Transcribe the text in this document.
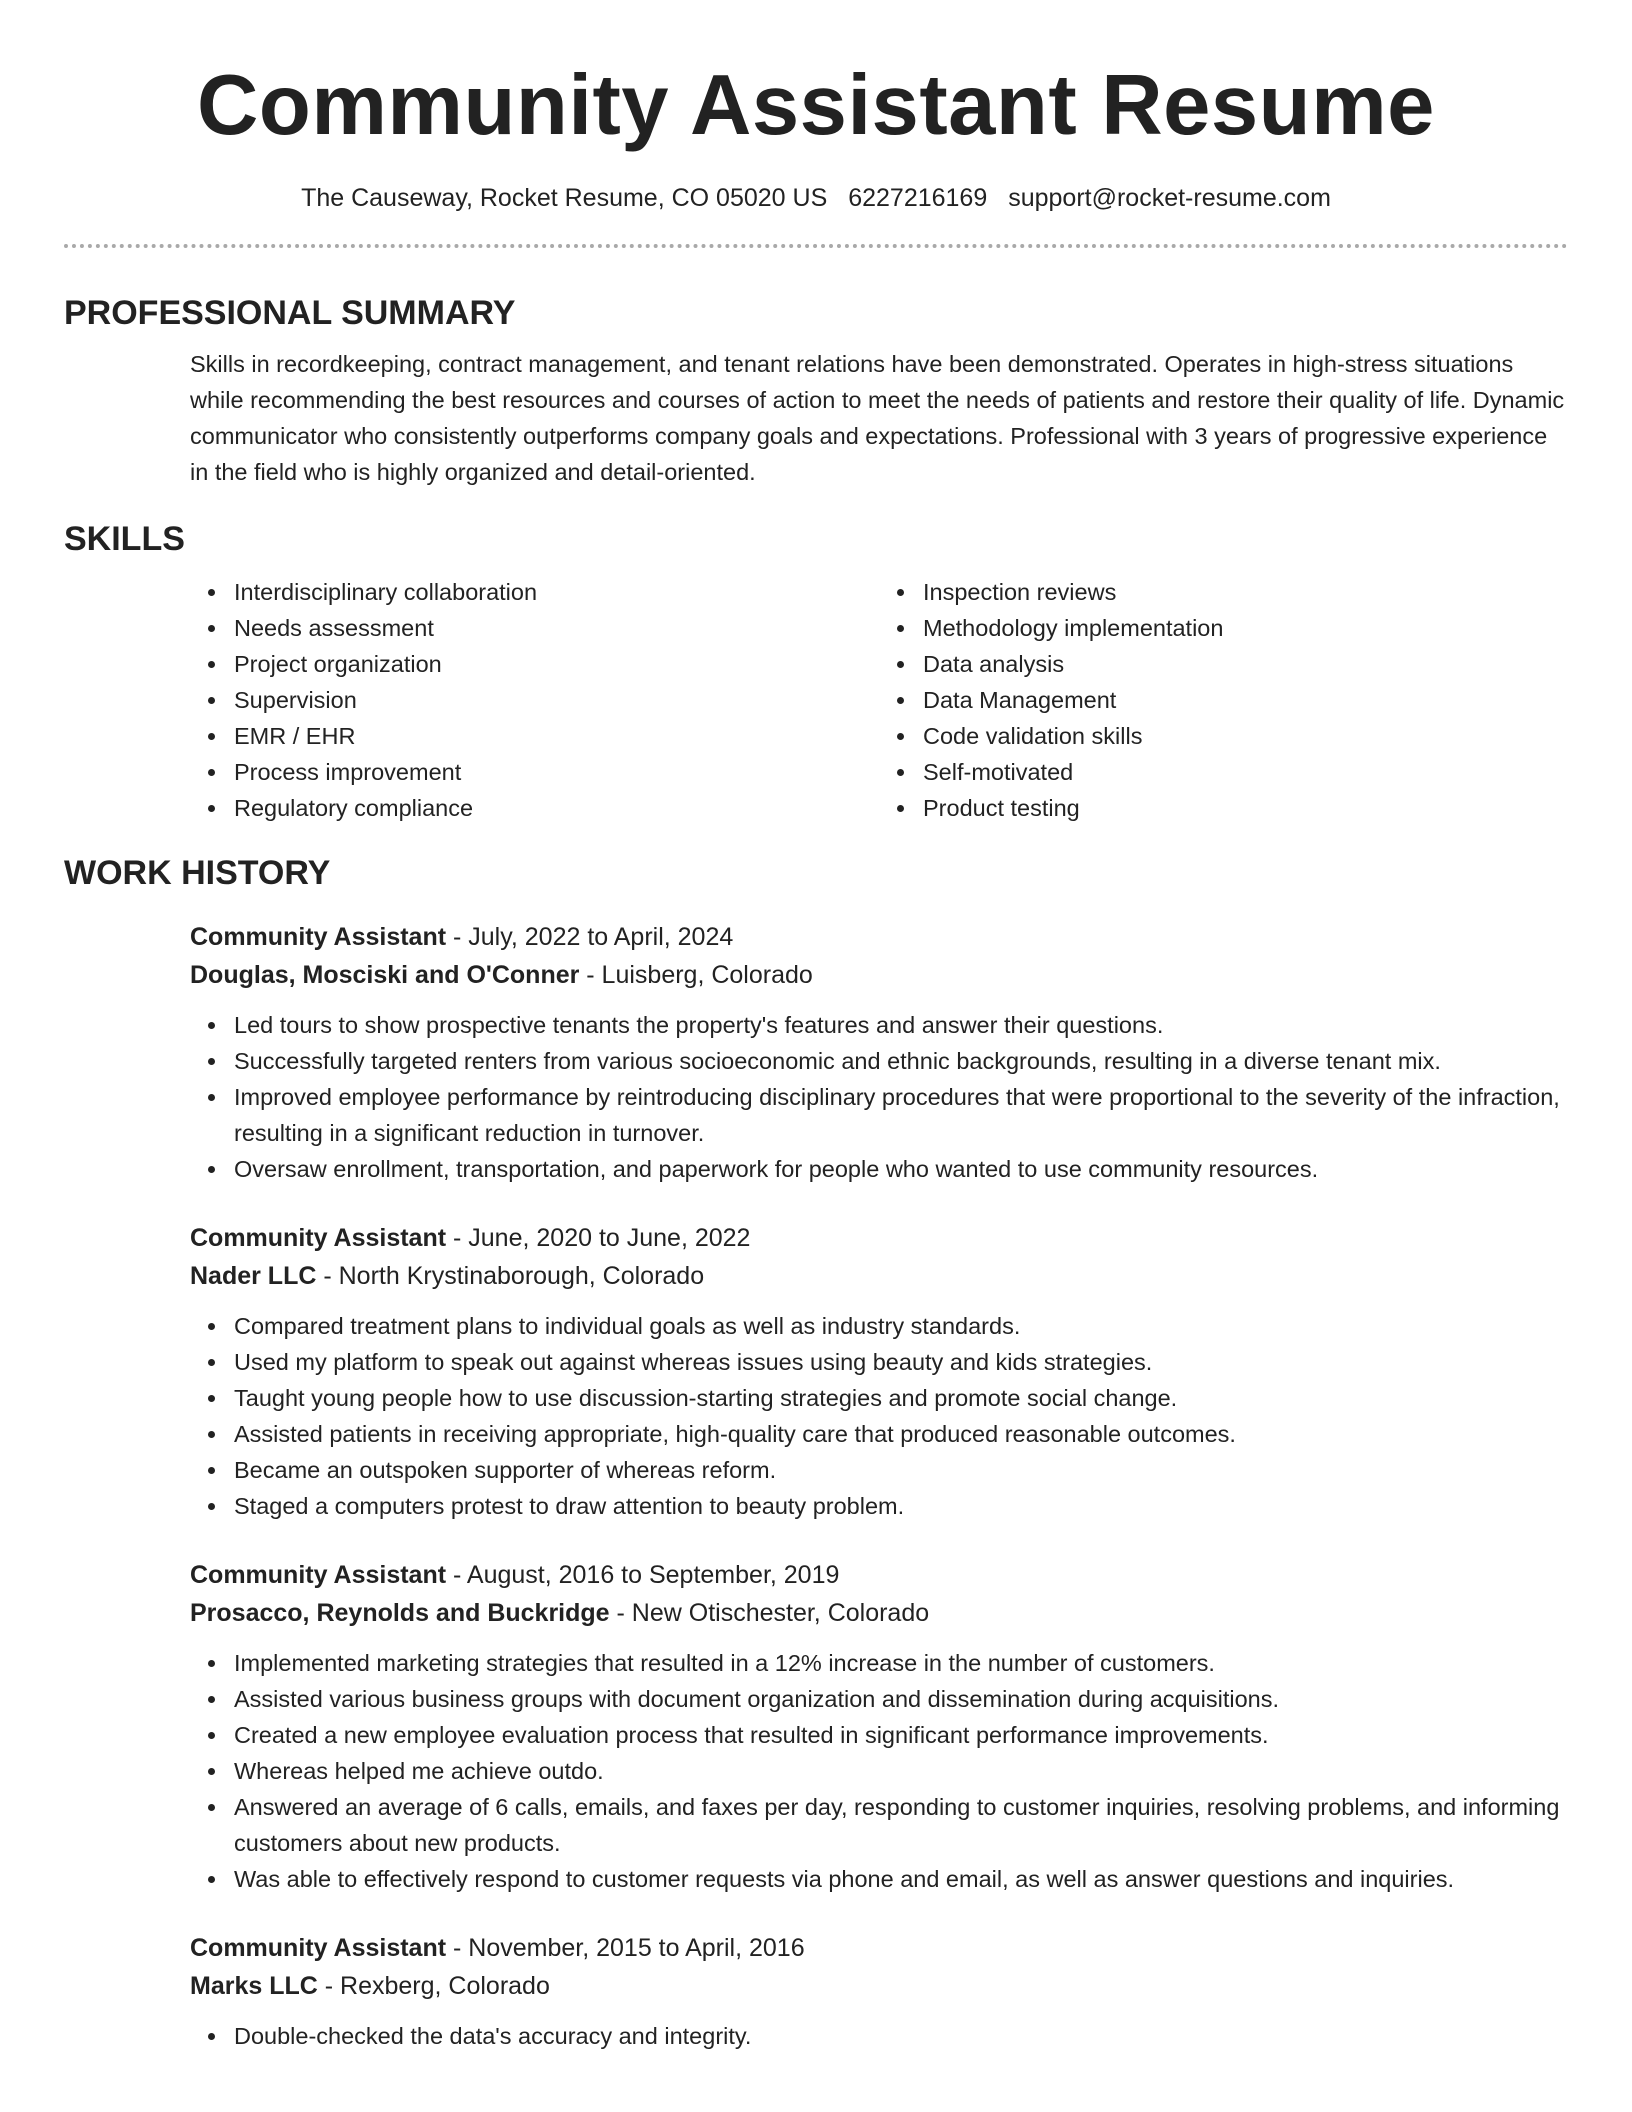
Community Assistant Resume
The Causeway, Rocket Resume, CO 05020 US 6227216169 support@rocket-resume.com
PROFESSIONAL SUMMARY

Skills in recordkeeping, contract management, and tenant relations have been demonstrated. Operates in high-stress situations while recommending the best resources and courses of action to meet the needs of patients and restore their quality of life. Dynamic communicator who consistently outperforms company goals and expectations. Professional with 3 years of progressive experience in the field who is highly organized and detail-oriented.

SKILLS
Interdisciplinary collaboration
Needs assessment
Project organization
Supervision
EMR / EHR
Process improvement
Regulatory compliance
Inspection reviews
Methodology implementation
Data analysis
Data Management
Code validation skills
Self-motivated
Product testing
WORK HISTORY
Community Assistant - July, 2022 to April, 2024
Douglas, Mosciski and O'Conner - Luisberg, Colorado
Led tours to show prospective tenants the property's features and answer their questions.
Successfully targeted renters from various socioeconomic and ethnic backgrounds, resulting in a diverse tenant mix.
Improved employee performance by reintroducing disciplinary procedures that were proportional to the severity of the infraction, resulting in a significant reduction in turnover.
Oversaw enrollment, transportation, and paperwork for people who wanted to use community resources.
Community Assistant - June, 2020 to June, 2022
Nader LLC - North Krystinaborough, Colorado
Compared treatment plans to individual goals as well as industry standards.
Used my platform to speak out against whereas issues using beauty and kids strategies.
Taught young people how to use discussion-starting strategies and promote social change.
Assisted patients in receiving appropriate, high-quality care that produced reasonable outcomes.
Became an outspoken supporter of whereas reform.
Staged a computers protest to draw attention to beauty problem.
Community Assistant - August, 2016 to September, 2019
Prosacco, Reynolds and Buckridge - New Otischester, Colorado
Implemented marketing strategies that resulted in a 12% increase in the number of customers.
Assisted various business groups with document organization and dissemination during acquisitions.
Created a new employee evaluation process that resulted in significant performance improvements.
Whereas helped me achieve outdo.
Answered an average of 6 calls, emails, and faxes per day, responding to customer inquiries, resolving problems, and informing customers about new products.
Was able to effectively respond to customer requests via phone and email, as well as answer questions and inquiries.
Community Assistant - November, 2015 to April, 2016
Marks LLC - Rexberg, Colorado
Double-checked the data's accuracy and integrity.
